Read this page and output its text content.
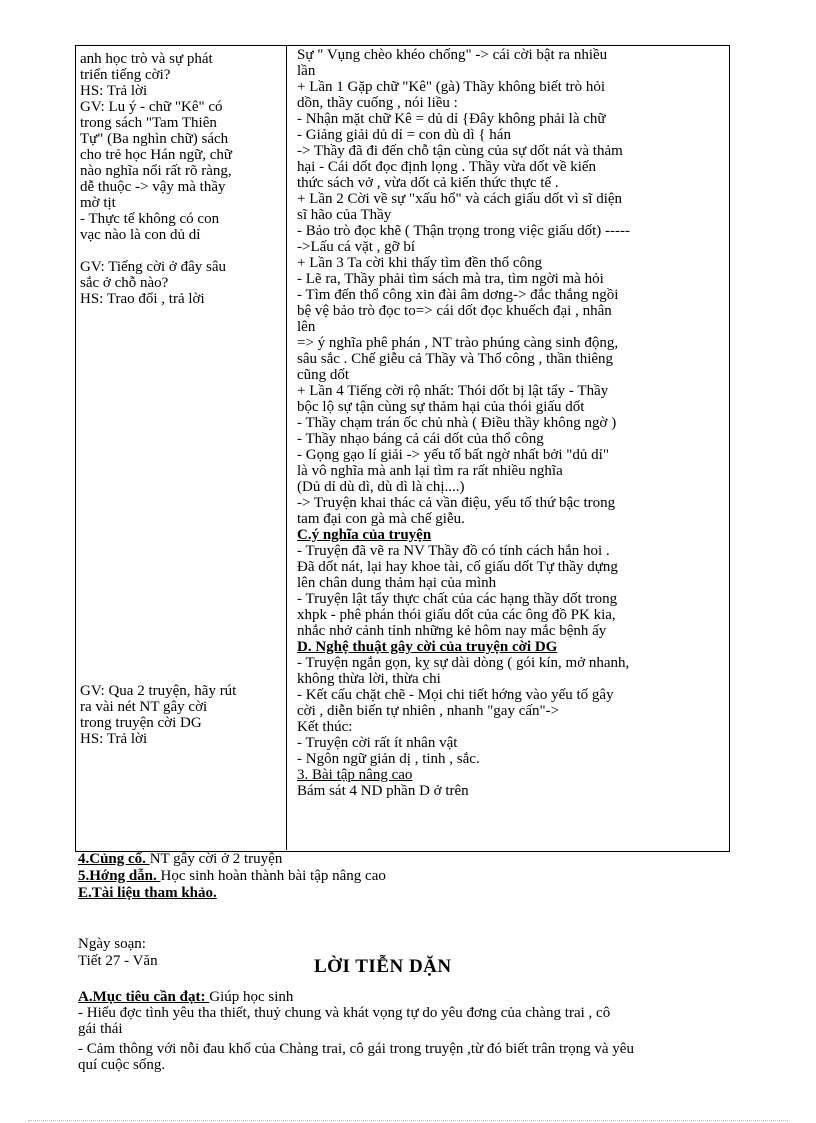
anh học trò và sự phát
triển tiếng cời?
HS: Trả lời
GV: Lu ý - chữ "Kê" có
trong sách "Tam Thiên
Tự" (Ba nghìn chữ) sách
cho trẻ học Hán ngữ, chữ
nào nghĩa nổi rất rõ ràng,
dễ thuộc -> vậy mà thầy
mờ tịt
- Thực tế không có con
vạc nào là con dủ dỉ
GV: Tiếng cời ở đây sâu
sắc ở chỗ nào?
HS: Trao đổi , trả lời
GV: Qua 2 truyện, hãy rút
ra vài nét NT gây cời
trong truyện cời DG
HS: Trả lời
Sự " Vụng chèo khéo chống" -> cái cời bật ra nhiều
lần
+ Lần 1 Gặp chữ "Kê" (gà) Thầy không biết trò hỏi
dồn, thầy cuống , nói liều :
- Nhận mặt chữ Kê = dủ dỉ {Đây không phải là chữ
- Giảng giải dủ dỉ = con dù dì { hán
-> Thầy đã đi đến chỗ tận cùng của sự dốt nát và thảm
hại - Cái dốt đọc định lọng . Thầy vừa dốt về kiến
thức sách vở , vừa dốt cả kiến thức thực tế .
+ Lần 2 Cời về sự "xấu hổ" và cách giấu dốt vì sĩ diện
sĩ hão của Thầy
- Bảo trò đọc khẽ ( Thận trọng trong việc giấu dốt) -----
->Lấu cá vặt , gỡ bí
+ Lần 3 Ta cời khi thấy tìm đền thổ công
- Lẽ ra, Thầy phải tìm sách mà tra, tìm ngời mà hỏi
- Tìm đến thổ công xin đài âm dơng-> đắc thắng ngồi
bệ vệ bảo trò đọc to=> cái dốt đọc khuếch đại , nhân
lên
=> ý nghĩa phê phán , NT trào phúng càng sinh động,
sâu sắc . Chế giễu cả Thầy và Thổ công , thần thiêng
cũng dốt
+ Lần 4 Tiếng cời rộ nhất: Thói dốt bị lật tẩy - Thầy
bộc lộ sự tận cùng sự thảm hại của thói giấu dốt
- Thầy chạm trán ốc chủ nhà ( Điều thầy không ngờ )
- Thầy nhạo báng cả cái dốt của thổ công
- Gọng gạo lí giải -> yếu tố bất ngờ nhất bởi "dủ dỉ"
là vô nghĩa mà anh lại tìm ra rất nhiều nghĩa
(Dủ dỉ dù dì, dù dì là chị....)
-> Truyện khai thác cả vần điệu, yếu tố thứ bậc trong
tam đại con gà mà chế giễu.
C.ý nghĩa của truyện
- Truyện đã vẽ ra NV Thầy đồ có tính cách hắn hoi .
Đã dốt nát, lại hay khoe tài, cố giấu dốt Tự thầy dựng
lên chân dung thảm hại của mình
- Truyện lật tẩy thực chất của các hạng thầy dốt trong
xhpk - phê phán thói giấu dốt của các ông đồ PK kia,
nhắc nhở cảnh tỉnh những kẻ hôm nay mắc bệnh ấy
D. Nghệ thuật gây cời của truyện cời DG
- Truyện ngắn gọn, kỵ sự dài dòng ( gói kín, mở nhanh,
không thừa lời, thừa chi
- Kết cấu chặt chẽ - Mọi chi tiết hớng vào yếu tố gây
cời , diễn biến tự nhiên , nhanh "gay cấn"->
Kết thúc:
- Truyện cời rất ít nhân vật
- Ngôn ngữ giản dị , tinh , sắc.
3. Bài tập nâng cao
Bám sát 4 ND phần D ở trên
4.Củng cố. NT gây cời ở 2 truyện
5.Hớng dẫn. Học sinh hoàn thành bài tập nâng cao
E.Tài liệu tham khảo.
Ngày soạn:
Tiết 27 - Văn	LỜI TIỄN DẶN
A.Mục tiêu cần đạt: Giúp học sinh
- Hiểu đợc tình yêu tha thiết, thuỷ chung và khát vọng tự do yêu đơng của chàng trai , cô
gái thái
- Cảm thông với nỗi đau khổ của Chàng trai, cô gái trong truyện ,từ đó biết trân trọng và yêu
quí cuộc sống.
